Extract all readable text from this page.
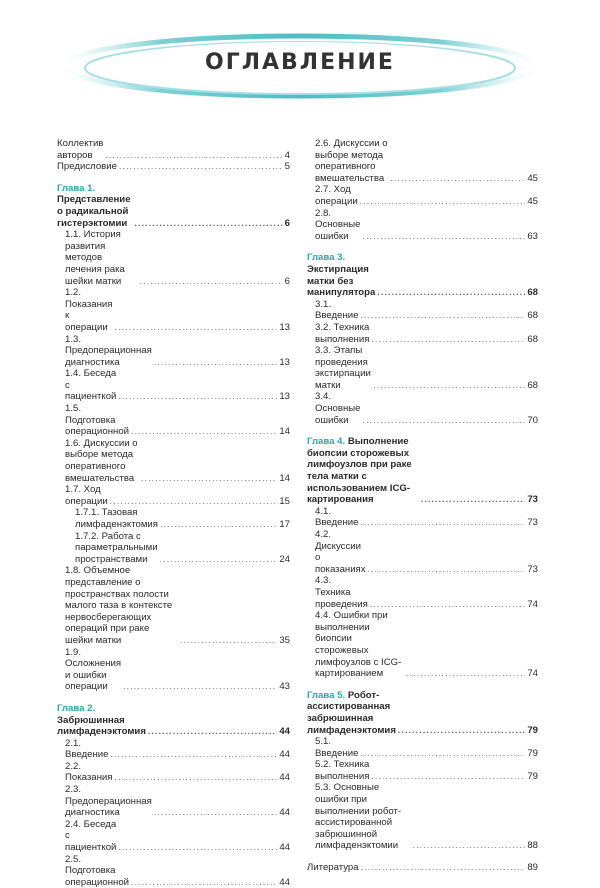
ОГЛАВЛЕНИЕ
Коллектив авторов .....	4
Предисловие .....	5
Глава 1. Представление о радикальной гистерэктомии .....	6
1.1. История развития методов лечения рака шейки матки .....	6
1.2. Показания к операции .....	13
1.3. Предоперационная диагностика .....	13
1.4. Беседа с пациенткой .....	13
1.5. Подготовка операционной .....	14
1.6. Дискуссии о выборе метода оперативного вмешательства .....	14
1.7. Ход операции .....	15
1.7.1. Тазовая лимфаденэктомия .....	17
1.7.2. Работа с параметральными пространствами .....	24
1.8. Объемное представление о пространствах полости малого таза в контексте нервосберегающих операций при раке шейки матки .....	35
1.9. Осложнения и ошибки операции .....	43
Глава 2. Забрюшинная лимфаденэктомия .....	44
2.1. Введение .....	44
2.2. Показания .....	44
2.3. Предоперационная диагностика .....	44
2.4. Беседа с пациенткой .....	44
2.5. Подготовка операционной .....	44
2.6. Дискуссии о выборе метода оперативного вмешательства .....	45
2.7. Ход операции .....	45
2.8. Основные ошибки .....	63
Глава 3. Экстирпация матки без манипулятора .....	68
3.1. Введение .....	68
3.2. Техника выполнения .....	68
3.3. Этапы проведения экстирпации матки .....	68
3.4. Основные ошибки .....	70
Глава 4. Выполнение биопсии сторожевых лимфоузлов при раке тела матки с использованием ICG-картирования .....	73
4.1. Введение .....	73
4.2. Дискуссии о показаниях .....	73
4.3. Техника проведения .....	74
4.4. Ошибки при выполнении биопсии сторожевых лимфоузлов с ICG-картированием .....	74
Глава 5. Робот-ассистированная забрюшинная лимфаденэктомия .....	79
5.1. Введение .....	79
5.2. Техника выполнения .....	79
5.3. Основные ошибки при выполнении робот-ассистированной забрюшинной лимфаденэктомии .....	88
Литература .....	89
